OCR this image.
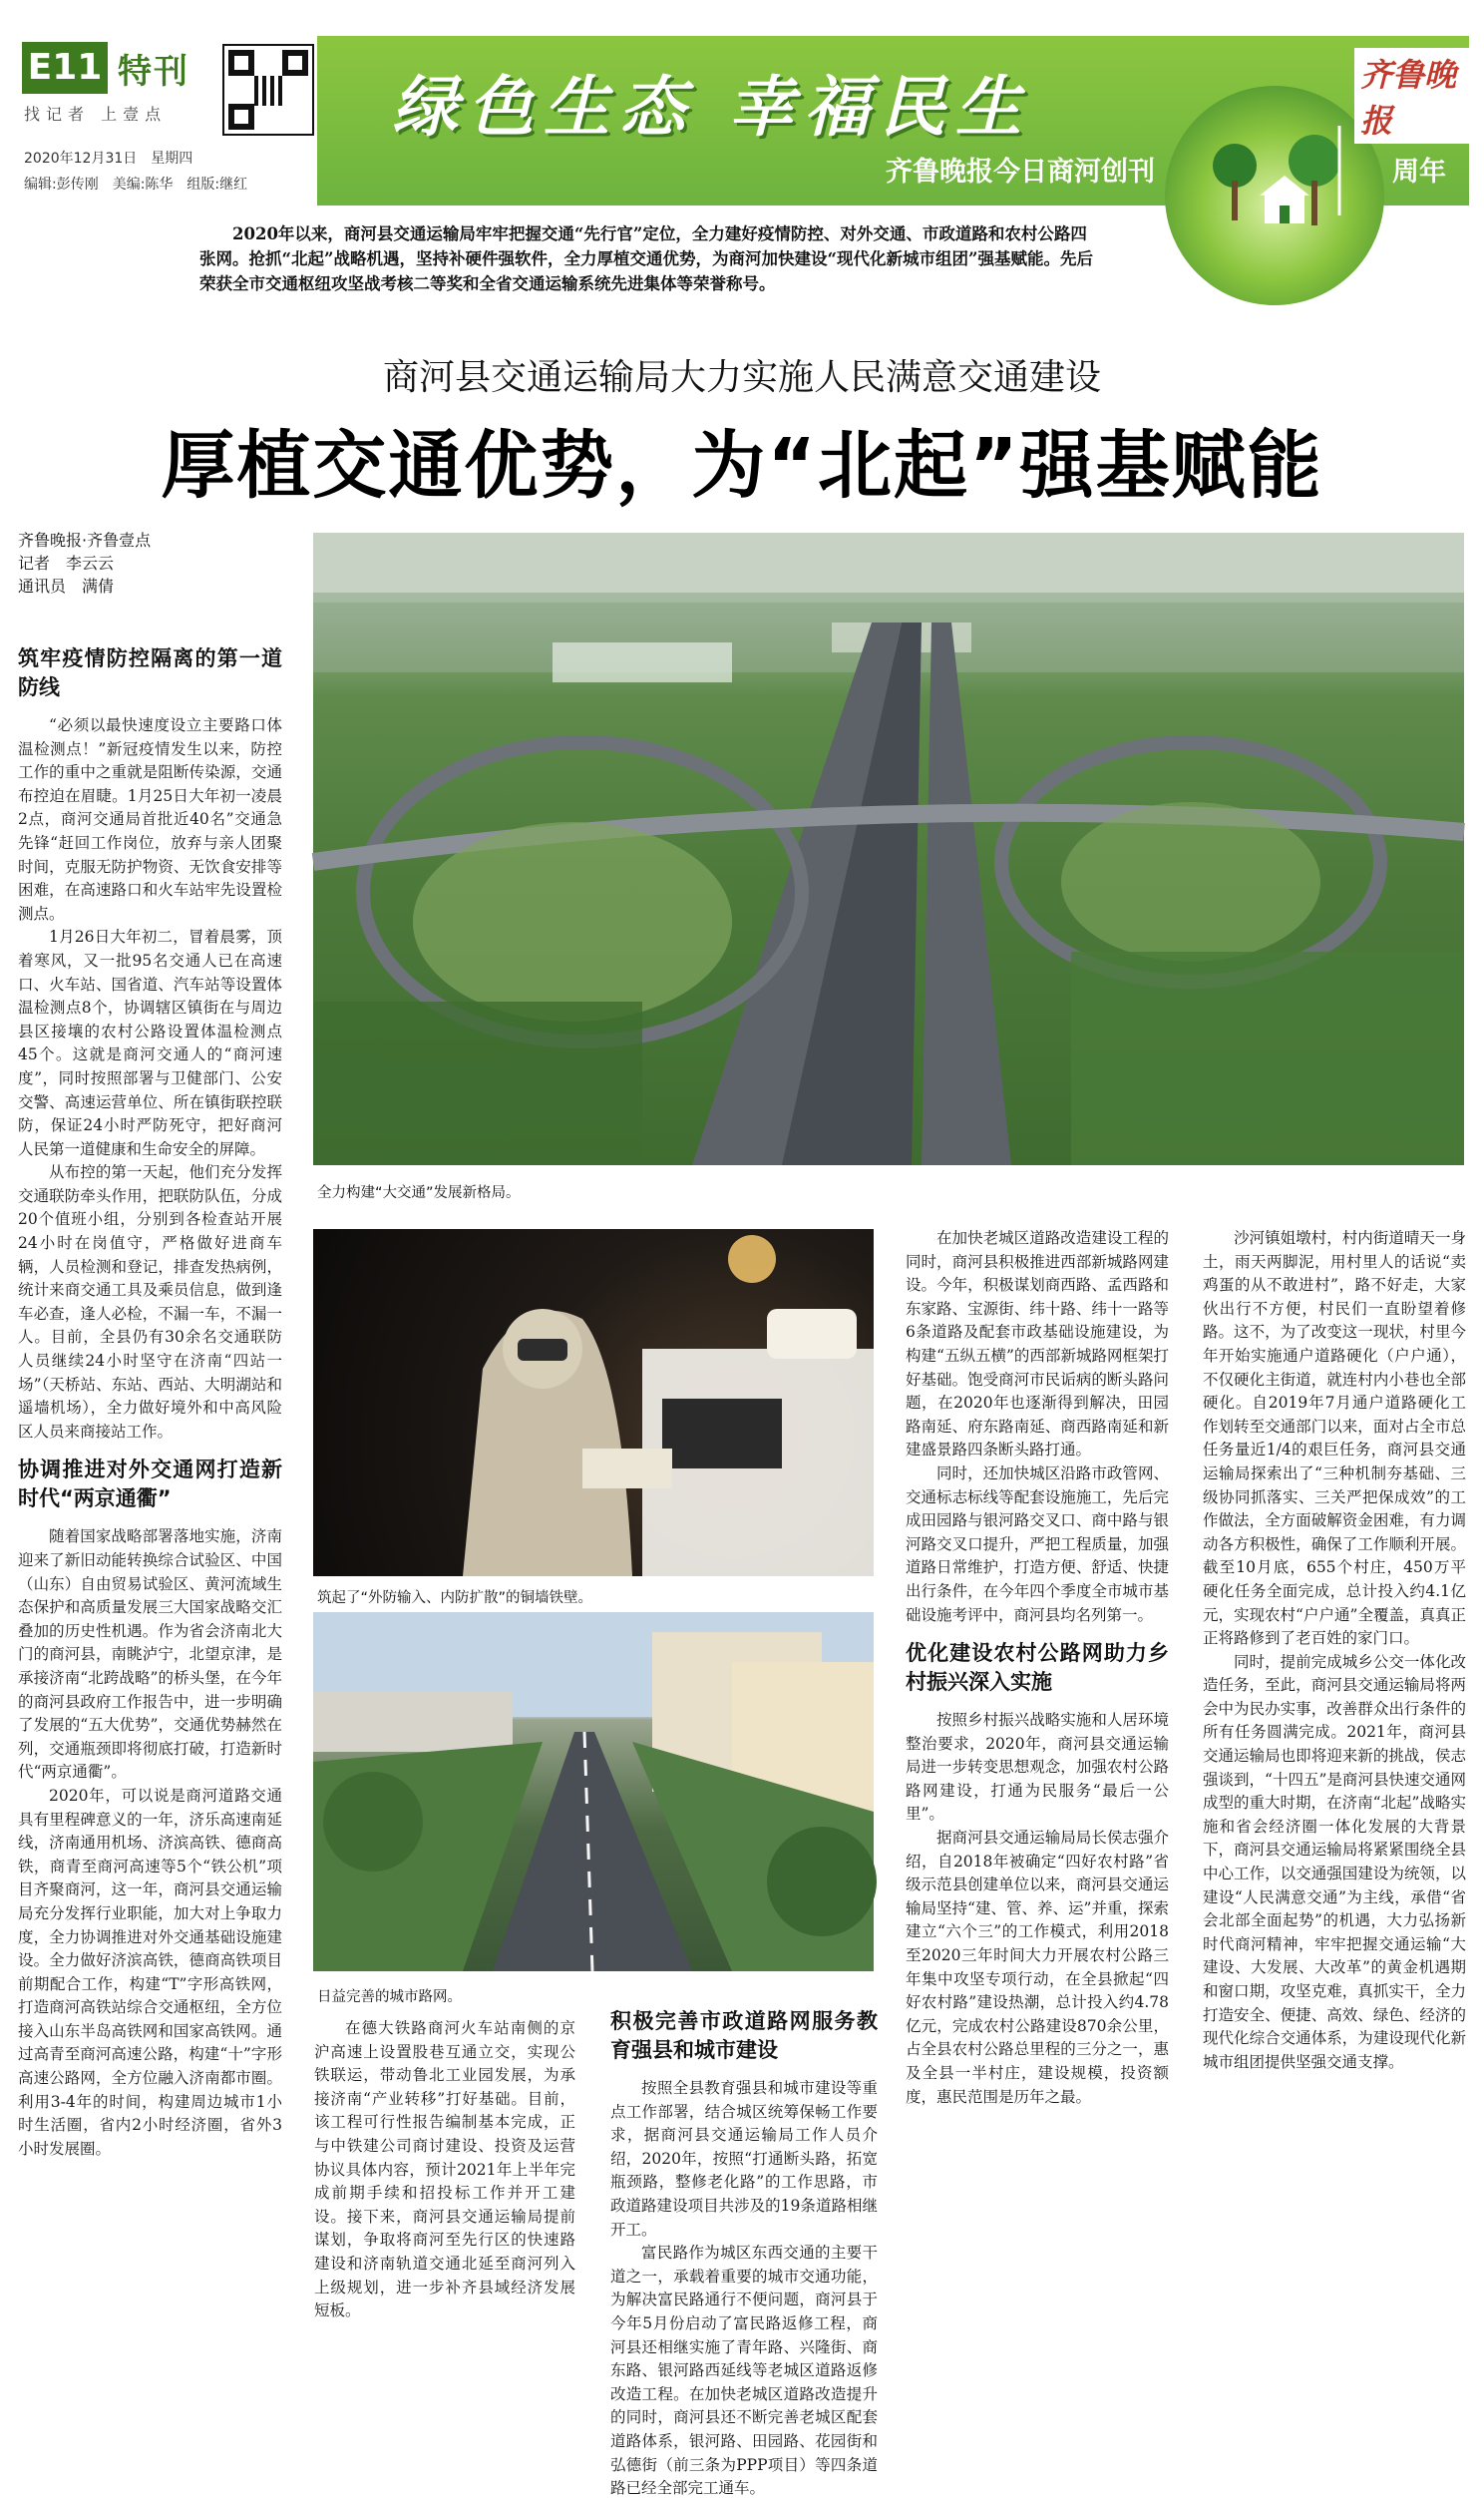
E11 特刊
找记者 上壹点
2020年12月31日　星期四
编辑:彭传刚　美编:陈华　组版:继红
绿色生态 幸福民生
齐鲁晚报今日商河创刊	周年
齐鲁晚报
2020年以来，商河县交通运输局牢牢把握交通“先行官”定位，全力建好疫情防控、对外交通、市政道路和农村公路四张网。抢抓“北起”战略机遇，坚持补硬件强软件，全力厚植交通优势，为商河加快建设“现代化新城市组团”强基赋能。先后荣获全市交通枢纽攻坚战考核二等奖和全省交通运输系统先进集体等荣誉称号。
商河县交通运输局大力实施人民满意交通建设
厚植交通优势，为“北起”强基赋能
齐鲁晚报·齐鲁壹点
记者　李云云
通讯员　满倩
全力构建“大交通”发展新格局。
筑起了“外防输入、内防扩散”的铜墙铁壁。
日益完善的城市路网。
筑牢疫情防控隔离的第一道防线

“必须以最快速度设立主要路口体温检测点！”新冠疫情发生以来，防控工作的重中之重就是阻断传染源，交通布控迫在眉睫。1月25日大年初一凌晨2点，商河交通局首批近40名”交通急先锋“赶回工作岗位，放弃与亲人团聚时间，克服无防护物资、无饮食安排等困难，在高速路口和火车站牢先设置检测点。

1月26日大年初二，冒着晨雾，顶着寒风，又一批95名交通人已在高速口、火车站、国省道、汽车站等设置体温检测点8个，协调辖区镇街在与周边县区接壤的农村公路设置体温检测点45个。这就是商河交通人的“商河速度”，同时按照部署与卫健部门、公安交警、高速运营单位、所在镇街联控联防，保证24小时严防死守，把好商河人民第一道健康和生命安全的屏障。

从布控的第一天起，他们充分发挥交通联防牵头作用，把联防队伍，分成20个值班小组，分别到各检查站开展24小时在岗值守，严格做好进商车辆，人员检测和登记，排查发热病例，统计来商交通工具及乘员信息，做到逢车必查，逢人必检，不漏一车，不漏一人。目前，全县仍有30余名交通联防人员继续24小时坚守在济南“四站一场”（天桥站、东站、西站、大明湖站和遥墙机场），全力做好境外和中高风险区人员来商接站工作。

协调推进对外交通网打造新时代“两京通衢”

随着国家战略部署落地实施，济南迎来了新旧动能转换综合试验区、中国（山东）自由贸易试验区、黄河流域生态保护和高质量发展三大国家战略交汇叠加的历史性机遇。作为省会济南北大门的商河县，南眺泸宁，北望京津，是承接济南“北跨战略”的桥头堡，在今年的商河县政府工作报告中，进一步明确了发展的“五大优势”，交通优势赫然在列，交通瓶颈即将彻底打破，打造新时代“两京通衢”。

2020年，可以说是商河道路交通具有里程碑意义的一年，济乐高速南延线，济南通用机场、济滨高铁、德商高铁，商青至商河高速等5个“铁公机”项目齐聚商河，这一年，商河县交通运输局充分发挥行业职能，加大对上争取力度，全力协调推进对外交通基础设施建设。全力做好济滨高铁，德商高铁项目前期配合工作，构建“T”字形高铁网，打造商河高铁站综合交通枢纽，全方位接入山东半岛高铁网和国家高铁网。通过高青至商河高速公路，构建“十”字形高速公路网，全方位融入济南都市圈。利用3-4年的时间，构建周边城市1小时生活圈，省内2小时经济圈，省外3小时发展圈。

在德大铁路商河火车站南侧的京沪高速上设置股巷互通立交，实现公铁联运，带动鲁北工业园发展，为承接济南“产业转移”打好基础。目前，该工程可行性报告编制基本完成，正与中铁建公司商讨建设、投资及运营协议具体内容，预计2021年上半年完成前期手续和招投标工作并开工建设。接下来，商河县交通运输局提前谋划，争取将商河至先行区的快速路建设和济南轨道交通北延至商河列入上级规划，进一步补齐县域经济发展短板。

积极完善市政道路网服务教育强县和城市建设

按照全县教育强县和城市建设等重点工作部署，结合城区统筹保畅工作要求，据商河县交通运输局工作人员介绍，2020年，按照“打通断头路，拓宽瓶颈路，整修老化路”的工作思路，市政道路建设项目共涉及的19条道路相继开工。

富民路作为城区东西交通的主要干道之一，承载着重要的城市交通功能，为解决富民路通行不便问题，商河县于今年5月份启动了富民路返修工程，商河县还相继实施了青年路、兴隆街、商东路、银河路西延线等老城区道路返修改造工程。在加快老城区道路改造提升的同时，商河县还不断完善老城区配套道路体系，银河路、田园路、花园街和弘德街（前三条为PPP项目）等四条道路已经全部完工通车。

在加快老城区道路改造建设工程的同时，商河县积极推进西部新城路网建设。今年，积极谋划商西路、孟西路和东家路、宝源街、纬十路、纬十一路等6条道路及配套市政基础设施建设，为构建“五纵五横”的西部新城路网框架打好基础。饱受商河市民诟病的断头路问题，在2020年也逐渐得到解决，田园路南延、府东路南延、商西路南延和新建盛景路四条断头路打通。

同时，还加快城区沿路市政管网、交通标志标线等配套设施施工，先后完成田园路与银河路交叉口、商中路与银河路交叉口提升，严把工程质量，加强道路日常维护，打造方便、舒适、快捷出行条件，在今年四个季度全市城市基础设施考评中，商河县均名列第一。

优化建设农村公路网助力乡村振兴深入实施

按照乡村振兴战略实施和人居环境整治要求，2020年，商河县交通运输局进一步转变思想观念，加强农村公路路网建设，打通为民服务“最后一公里”。

据商河县交通运输局局长侯志强介绍，自2018年被确定“四好农村路”省级示范县创建单位以来，商河县交通运输局坚持“建、管、养、运”并重，探索建立“六个三”的工作模式，利用2018至2020三年时间大力开展农村公路三年集中攻坚专项行动，在全县掀起“四好农村路”建设热潮，总计投入约4.78亿元，完成农村公路建设870余公里，占全县农村公路总里程的三分之一，惠及全县一半村庄，建设规模，投资额度，惠民范围是历年之最。

沙河镇姐墩村，村内街道晴天一身土，雨天两脚泥，用村里人的话说“卖鸡蛋的从不敢进村”，路不好走，大家伙出行不方便，村民们一直盼望着修路。这不，为了改变这一现状，村里今年开始实施通户道路硬化（户户通），不仅硬化主街道，就连村内小巷也全部硬化。自2019年7月通户道路硬化工作划转至交通部门以来，面对占全市总任务量近1/4的艰巨任务，商河县交通运输局探索出了“三种机制夯基础、三级协同抓落实、三关严把保成效”的工作做法，全方面破解资金困难，有力调动各方积极性，确保了工作顺利开展。截至10月底，655个村庄，450万平硬化任务全面完成，总计投入约4.1亿元，实现农村“户户通”全覆盖，真真正正将路修到了老百姓的家门口。

同时，提前完成城乡公交一体化改造任务，至此，商河县交通运输局将两会中为民办实事，改善群众出行条件的所有任务圆满完成。2021年，商河县交通运输局也即将迎来新的挑战，侯志强谈到，“十四五”是商河县快速交通网成型的重大时期，在济南“北起”战略实施和省会经济圈一体化发展的大背景下，商河县交通运输局将紧紧围绕全县中心工作，以交通强国建设为统领，以建设“人民满意交通”为主线，承借“省会北部全面起势”的机遇，大力弘扬新时代商河精神，牢牢把握交通运输“大建设、大发展、大改革”的黄金机遇期和窗口期，攻坚克难，真抓实干，全力打造安全、便捷、高效、绿色、经济的现代化综合交通体系，为建设现代化新城市组团提供坚强交通支撑。
